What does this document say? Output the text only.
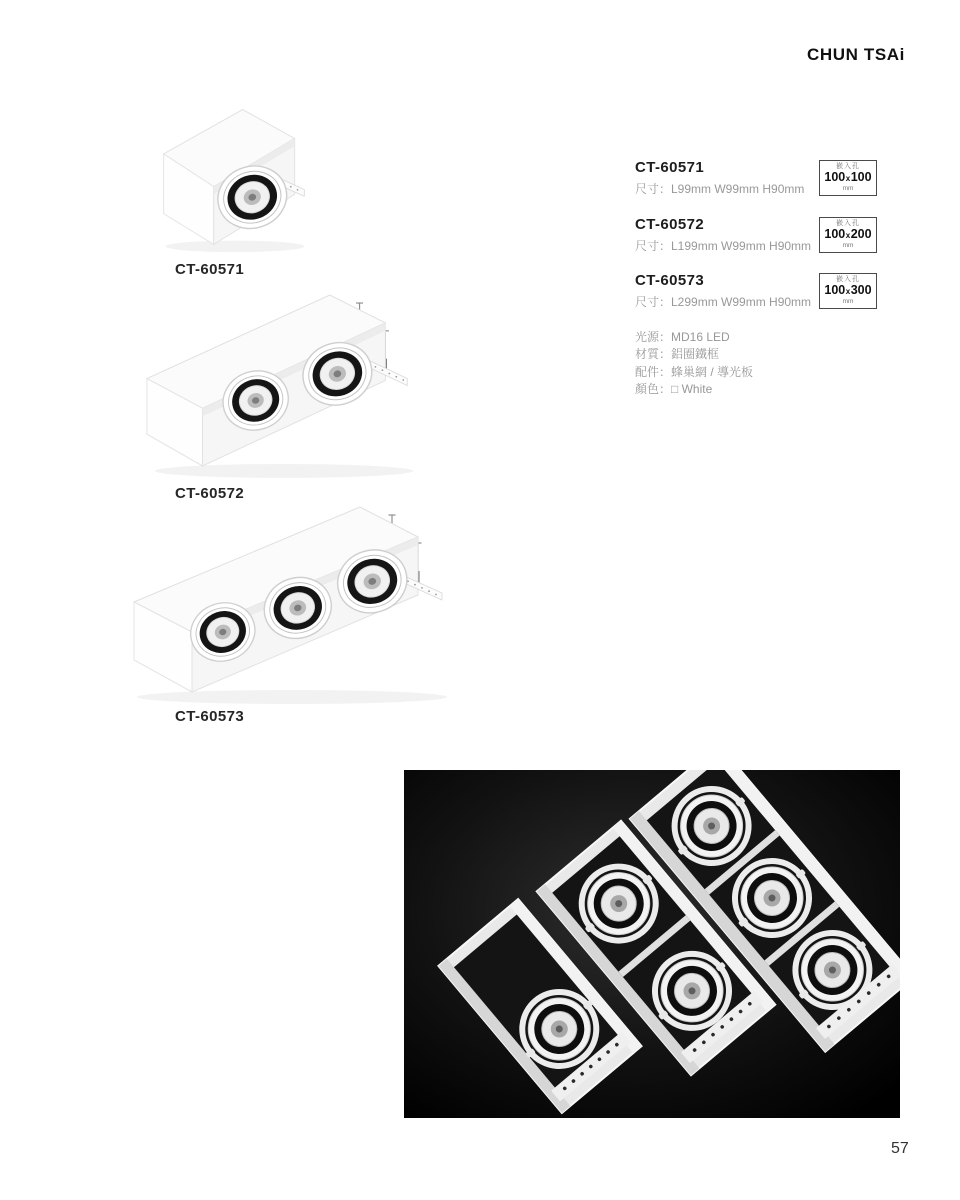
CHUN TSAi
CT-60571
CT-60572
CT-60573
CT-60571
尺寸：L99mm W99mm H90mm
嵌入孔
100x100
mm
CT-60572
尺寸：L199mm W99mm H90mm
嵌入孔
100x200
mm
CT-60573
尺寸：L299mm W99mm H90mm
嵌入孔
100x300
mm
光源：MD16 LED
材質：鋁圈鐵框
配件：蜂巢網 / 導光板
顏色：□ White
57
